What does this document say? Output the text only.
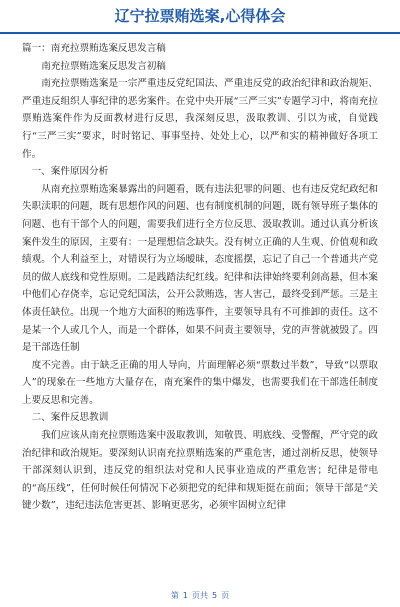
辽宁拉票贿选案,心得体会

篇一：南充拉票贿选案反思发言稿

南充拉票贿选案反思发言初稿

南充拉票贿选案是一宗严重违反党纪国法、严重违反党的政治纪律和政治规矩、严重违反组织人事纪律的恶劣案件。在党中央开展“三严三实”专题学习中，将南充拉票贿选案件作为反面教材进行反思，我深刻反思，汲取教训、引以为戒，自觉践行“三严三实”要求，时时铭记、事事坚持、处处上心，以严和实的精神做好各项工作。

一、案件原因分析

从南充拉票贿选案暴露出的问题看，既有违法犯罪的问题、也有违反党纪政纪和失职渎职的问题，既有思想作风的问题、也有制度机制的问题，既有领导班子集体的问题、也有干部个人的问题，需要我们进行全方位反思、汲取教训。通过认真分析该案件发生的原因，主要有：一是理想信念缺失。没有树立正确的人生观、价值观和政绩观。个人利益至上，对错误行为立场暧昧，态度摇摆，忘记了自己一个普通共产党员的做人底线和党性原则。二是践踏法纪红线。纪律和法律始终要利剑高悬，但本案中他们心存侥幸，忘记党纪国法，公开公款贿选，害人害己，最终受到严惩。三是主体责任缺位。出现一个地方大面积的贿选事件，主要领导具有不可推卸的责任。这不是某一个人或几个人，而是一个群体，如果不问责主要领导，党的声誉就被毁了。四是干部选任制

度不完善。由于缺乏正确的用人导向，片面理解必须“票数过半数”，导致“以票取人”的现象在一些地方大量存在，南充案件的集中爆发，也需要我们在干部选任制度上要反思和完善。

二、案件反思教训

我们应该从南充拉票贿选案中汲取教训，知敬畏、明底线、受警醒，严守党的政治纪律和政治规矩。要深刻认识南充拉票贿选案的严重危害，通过剖析反思，使领导干部深刻认识到，违反党的组织法对党和人民事业造成的严重危害；纪律是带电的“高压线”，任何时候任何情况下必须把党的纪律和规矩挺在前面；领导干部是“关键少数”，违纪违法危害更甚、影响更恶劣，必须牢固树立纪律

第 1 页共 5 页
